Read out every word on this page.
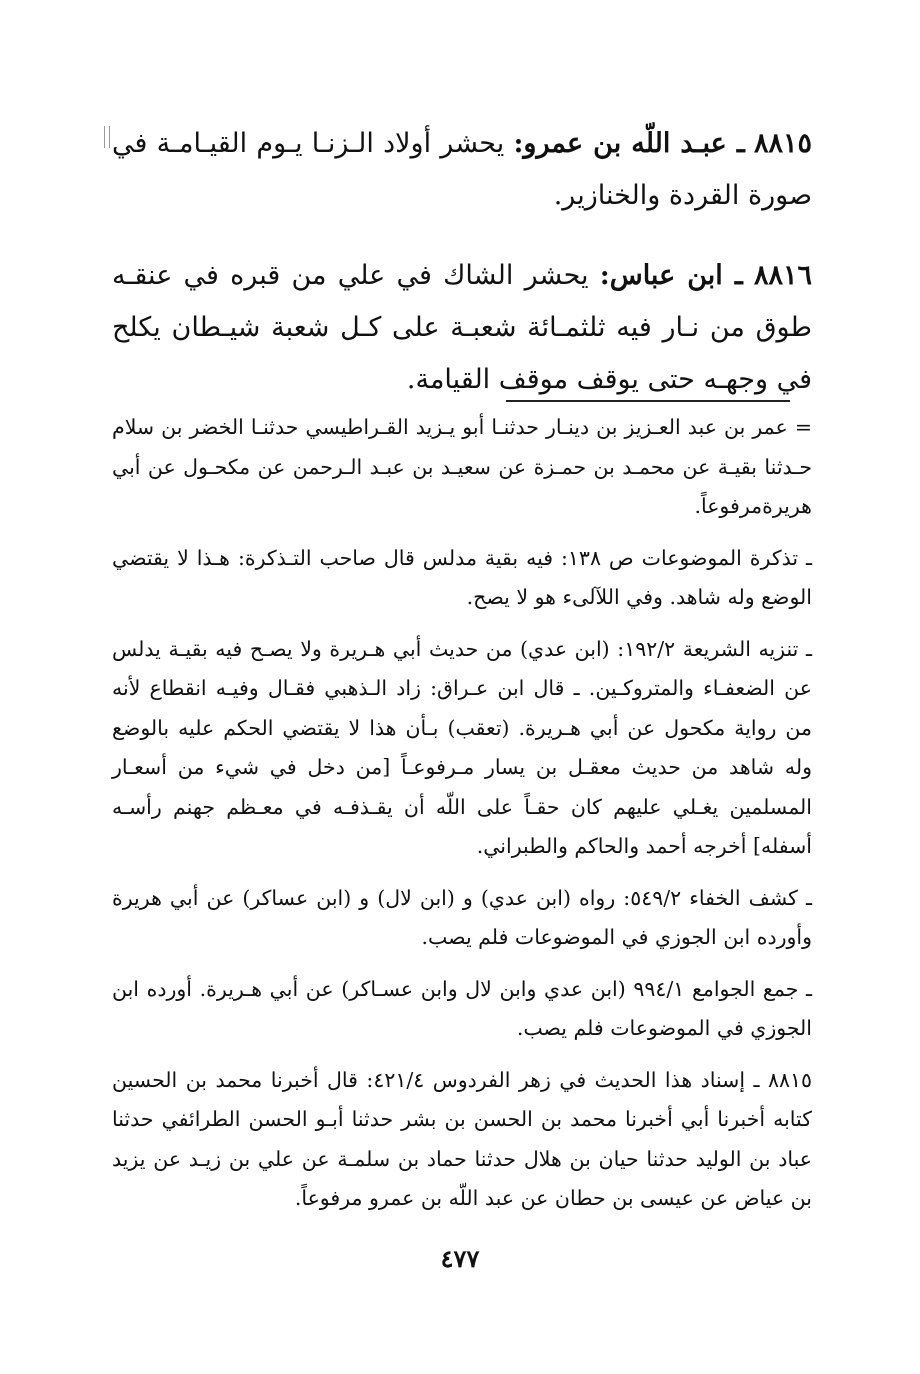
٨٨١٥ ـ عبـد اللّه بن عمرو: يحشر أولاد الـزنـا يـوم القيـامـة في صورة القردة والخنازير.

٨٨١٦ ـ ابن عباس: يحشر الشاك في علي من قبره في عنقـه طوق من نـار فيه ثلثمـائة شعبـة على كـل شعبة شيـطان يكلح في وجهـه حتى يوقف موقف القيامة.

= عمر بن عبد العـزيز بن دينـار حدثنـا أبو يـزيد القـراطيسي حدثنـا الخضر بن سلام حـدثنا بقيـة عن محمـد بن حمـزة عن سعيـد بن عبـد الـرحمن عن مكحـول عن أبي هريرةمرفوعاً.

ـ تذكرة الموضوعات ص ١٣٨: فيه بقية مدلس قال صاحب التـذكرة: هـذا لا يقتضي الوضع وله شاهد. وفي اللآلىء هو لا يصح.

ـ تنزيه الشريعة ١٩٢/٢: (ابن عدي) من حديث أبي هـريرة ولا يصـح فيه بقيـة يدلس عن الضعفـاء والمتروكـين. ـ قال ابن عـراق: زاد الـذهبي فقـال وفيـه انقطاع لأنه من رواية مكحول عن أبي هـريرة. (تعقب) بـأن هذا لا يقتضي الحكم عليه بالوضع وله شاهد من حديث معقـل بن يسار مـرفوعـاً [من دخل في شيء من أسعـار المسلمين يغـلي عليهم كان حقـاً على اللّه أن يقـذفـه في معـظم جهنم رأسـه أسفله] أخرجه أحمد والحاكم والطبراني.

ـ كشف الخفاء ٥٤٩/٢: رواه (ابن عدي) و (ابن لال) و (ابن عساكر) عن أبي هريرة وأورده ابن الجوزي في الموضوعات فلم يصب.

ـ جمع الجوامع ٩٩٤/١ (ابن عدي وابن لال وابن عسـاكر) عن أبي هـريرة. أورده ابن الجوزي في الموضوعات فلم يصب.

٨٨١٥ ـ إسناد هذا الحديث في زهر الفردوس ٤٢١/٤: قال أخبرنا محمد بن الحسين كتابه أخبرنا أبي أخبرنا محمد بن الحسن بن بشر حدثنا أبـو الحسن الطرائفي حدثنا عباد بن الوليد حدثنا حيان بن هلال حدثنا حماد بن سلمـة عن علي بن زيـد عن يزيد بن عياض عن عيسى بن حطان عن عبد اللّه بن عمرو مرفوعاً.

٤٧٧
